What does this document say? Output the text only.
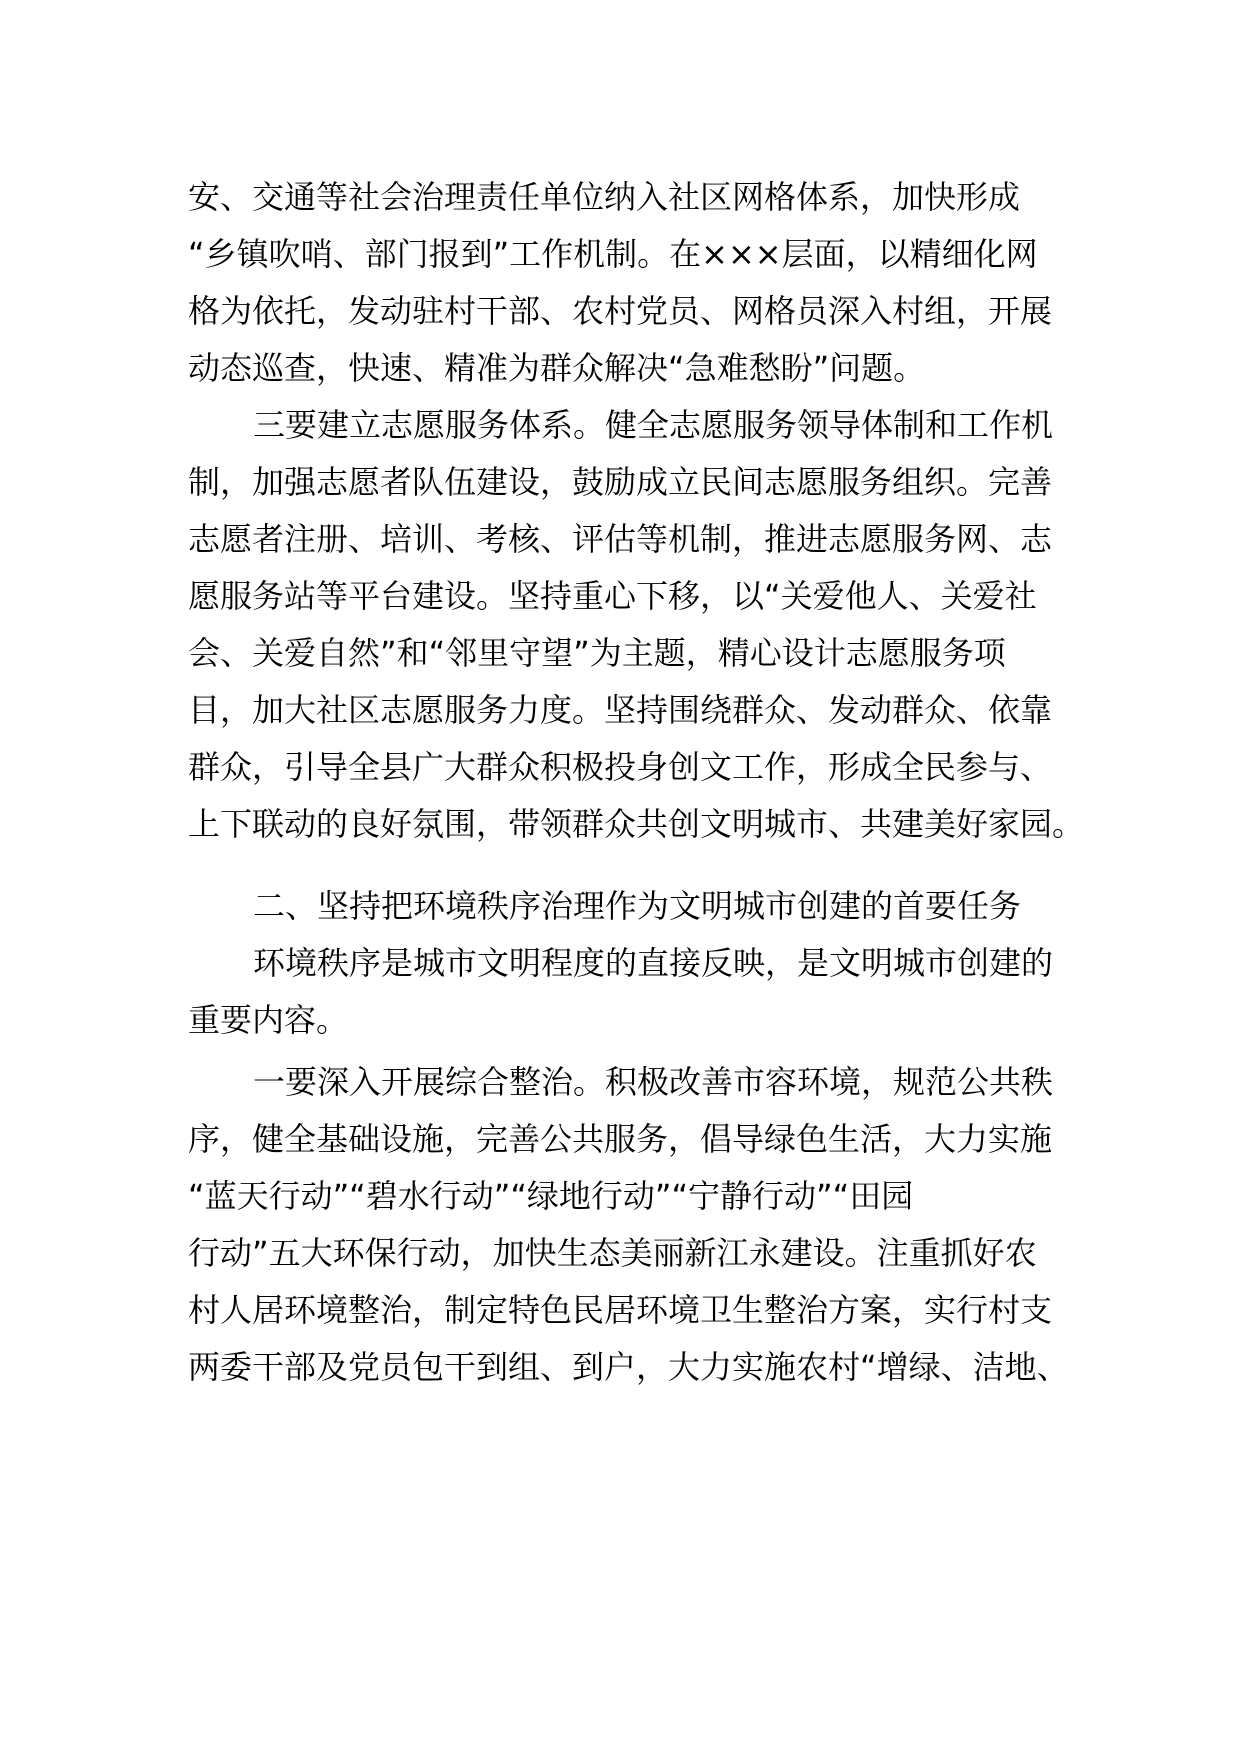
安、交通等社会治理责任单位纳入社区网格体系，加快形成
“乡镇吹哨、部门报到”工作机制。在×××层面，以精细化网
格为依托，发动驻村干部、农村党员、网格员深入村组，开展
动态巡查，快速、精准为群众解决“急难愁盼”问题。
三要建立志愿服务体系。健全志愿服务领导体制和工作机
制，加强志愿者队伍建设，鼓励成立民间志愿服务组织。完善
志愿者注册、培训、考核、评估等机制，推进志愿服务网、志
愿服务站等平台建设。坚持重心下移，以“关爱他人、关爱社
会、关爱自然”和“邻里守望”为主题，精心设计志愿服务项
目，加大社区志愿服务力度。坚持围绕群众、发动群众、依靠
群众，引导全县广大群众积极投身创文工作，形成全民参与、
上下联动的良好氛围，带领群众共创文明城市、共建美好家园。
二、坚持把环境秩序治理作为文明城市创建的首要任务
环境秩序是城市文明程度的直接反映，是文明城市创建的
重要内容。
一要深入开展综合整治。积极改善市容环境，规范公共秩
序，健全基础设施，完善公共服务，倡导绿色生活，大力实施
“蓝天行动”“碧水行动”“绿地行动”“宁静行动”“田园
行动”五大环保行动，加快生态美丽新江永建设。注重抓好农
村人居环境整治，制定特色民居环境卫生整治方案，实行村支
两委干部及党员包干到组、到户，大力实施农村“增绿、洁地、
